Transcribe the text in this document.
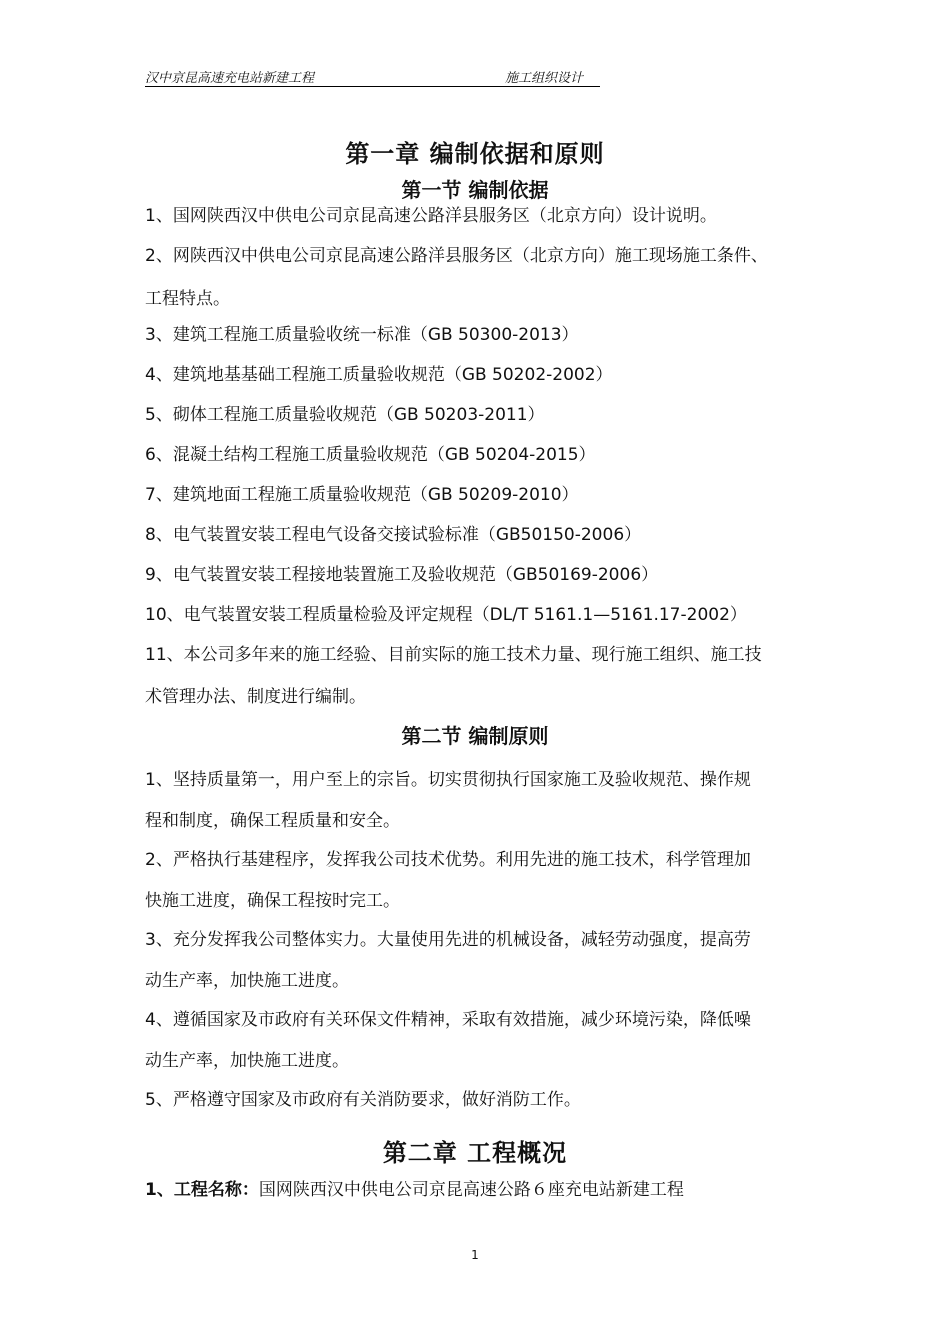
汉中京昆高速充电站新建工程	施工组织设计
第一章 编制依据和原则
第一节 编制依据
1、国网陕西汉中供电公司京昆高速公路洋县服务区（北京方向）设计说明。
2、网陕西汉中供电公司京昆高速公路洋县服务区（北京方向）施工现场施工条件、
工程特点。
3、建筑工程施工质量验收统一标准（GB 50300-2013）
4、建筑地基基础工程施工质量验收规范（GB 50202-2002）
5、砌体工程施工质量验收规范（GB 50203-2011）
6、混凝土结构工程施工质量验收规范（GB 50204-2015）
7、建筑地面工程施工质量验收规范（GB 50209-2010）
8、电气装置安装工程电气设备交接试验标准（GB50150-2006）
9、电气装置安装工程接地装置施工及验收规范（GB50169-2006）
10、电气装置安装工程质量检验及评定规程（DL/T 5161.1—5161.17-2002）
11、本公司多年来的施工经验、目前实际的施工技术力量、现行施工组织、施工技
术管理办法、制度进行编制。
第二节 编制原则
1、坚持质量第一，用户至上的宗旨。切实贯彻执行国家施工及验收规范、操作规
程和制度，确保工程质量和安全。
2、严格执行基建程序，发挥我公司技术优势。利用先进的施工技术，科学管理加
快施工进度，确保工程按时完工。
3、充分发挥我公司整体实力。大量使用先进的机械设备，减轻劳动强度，提高劳
动生产率，加快施工进度。
4、遵循国家及市政府有关环保文件精神，采取有效措施，减少环境污染，降低噪
动生产率，加快施工进度。
5、严格遵守国家及市政府有关消防要求，做好消防工作。
第二章 工程概况
1、工程名称：国网陕西汉中供电公司京昆高速公路６座充电站新建工程
1
